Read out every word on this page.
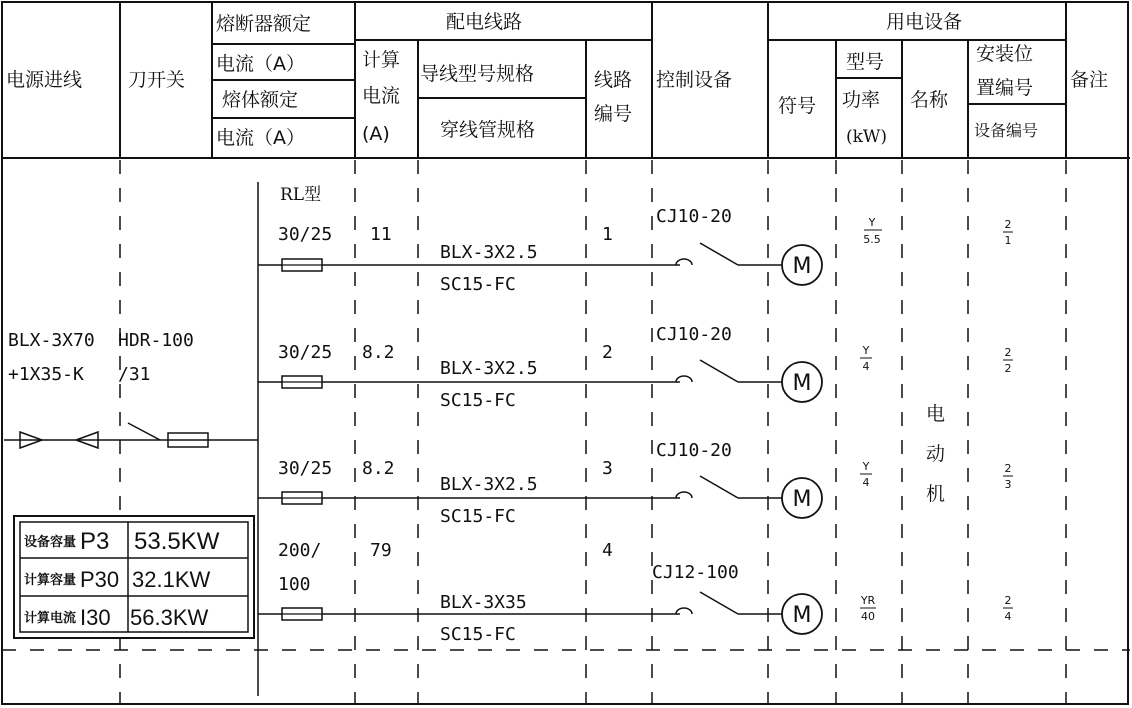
电源进线 刀开关
熔断器额定
电流（A）
熔体额定
电流（A）
配电线路
计算
电流
(A)
导线型号规格
穿线管规格
线路
编号
控制设备
用电设备
符号
型号
功率
(kW)
名称
安装位
置编号
设备编号
备注
BLX-3X70
+1X35-K
HDR-100
/31
M
M
M
M
RL型
30/25 11
BLX-3X2.5
SC15-FC
1
CJ10-20
30/25 8.2
BLX-3X2.5
SC15-FC
2
CJ10-20
30/25 8.2
BLX-3X2.5
SC15-FC
3
CJ10-20
200/
100
79
BLX-3X35
SC15-FC
4
CJ12-100
电
动
机
Y
5.5
2
1
Y
4
2
2
Y
4
2
3
YR
40
2
4
设备容量 P3 53.5KW
计算容量 P30 32.1KW
计算电流 I30 56.3KW
